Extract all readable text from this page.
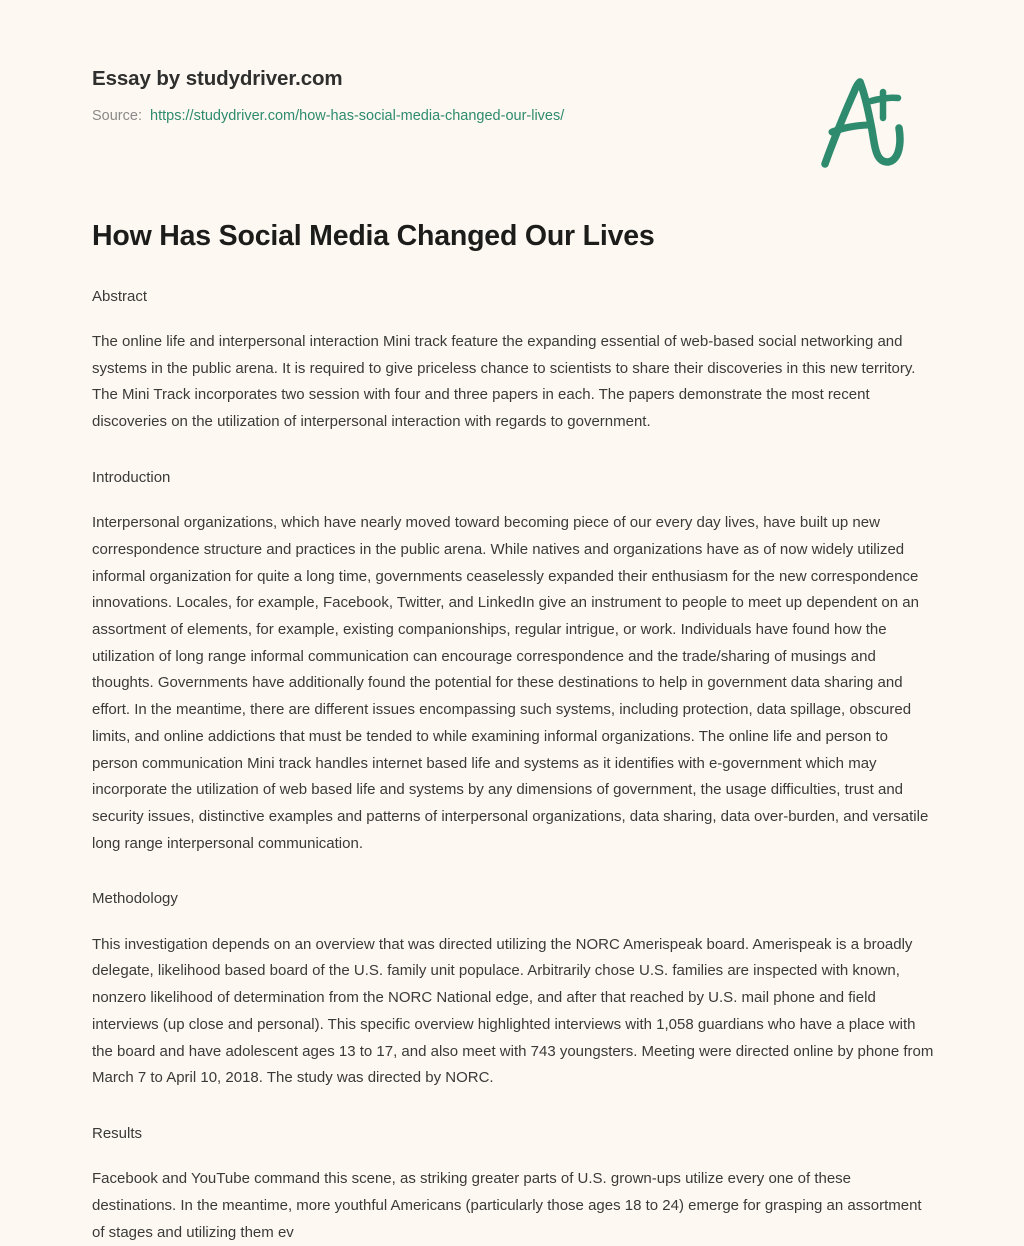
Essay by studydriver.com
Source: https://studydriver.com/how-has-social-media-changed-our-lives/
How Has Social Media Changed Our Lives
Abstract

The online life and interpersonal interaction Mini track feature the expanding essential of web-based social networking and systems in the public arena. It is required to give priceless chance to scientists to share their discoveries in this new territory. The Mini Track incorporates two session with four and three papers in each. The papers demonstrate the most recent discoveries on the utilization of interpersonal interaction with regards to government.

Introduction

Interpersonal organizations, which have nearly moved toward becoming piece of our every day lives, have built up new correspondence structure and practices in the public arena. While natives and organizations have as of now widely utilized informal organization for quite a long time, governments ceaselessly expanded their enthusiasm for the new correspondence innovations. Locales, for example, Facebook, Twitter, and LinkedIn give an instrument to people to meet up dependent on an assortment of elements, for example, existing companionships, regular intrigue, or work. Individuals have found how the utilization of long range informal communication can encourage correspondence and the trade/sharing of musings and thoughts. Governments have additionally found the potential for these destinations to help in government data sharing and effort. In the meantime, there are different issues encompassing such systems, including protection, data spillage, obscured limits, and online addictions that must be tended to while examining informal organizations. The online life and person to person communication Mini track handles internet based life and systems as it identifies with e-government which may incorporate the utilization of web based life and systems by any dimensions of government, the usage difficulties, trust and security issues, distinctive examples and patterns of interpersonal organizations, data sharing, data over-burden, and versatile long range interpersonal communication.

Methodology

This investigation depends on an overview that was directed utilizing the NORC Amerispeak board. Amerispeak is a broadly delegate, likelihood based board of the U.S. family unit populace. Arbitrarily chose U.S. families are inspected with known, nonzero likelihood of determination from the NORC National edge, and after that reached by U.S. mail phone and field interviews (up close and personal). This specific overview highlighted interviews with 1,058 guardians who have a place with the board and have adolescent ages 13 to 17, and also meet with 743 youngsters. Meeting were directed online by phone from March 7 to April 10, 2018. The study was directed by NORC.

Results

Facebook and YouTube command this scene, as striking greater parts of U.S. grown-ups utilize every one of these destinations. In the meantime, more youthful Americans (particularly those ages 18 to 24) emerge for grasping an assortment of stages and utilizing them ev
